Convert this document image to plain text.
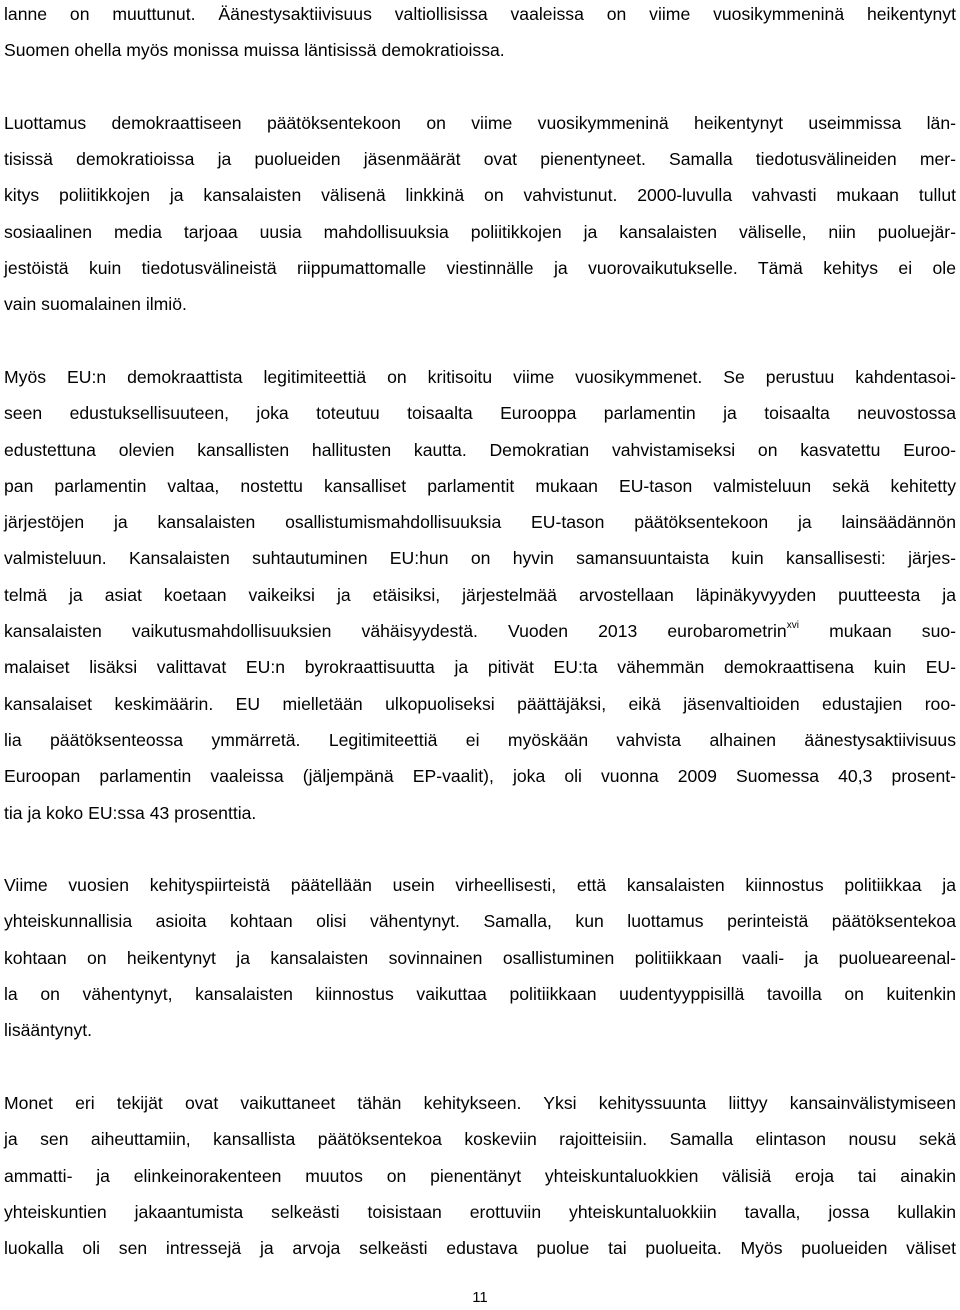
lanne on muuttunut. Äänestysaktiivisuus valtiollisissa vaaleissa on viime vuosikymmeninä heikentynyt
Suomen ohella myös monissa muissa läntisissä demokratioissa.
Luottamus demokraattiseen päätöksentekoon on viime vuosikymmeninä heikentynyt useimmissa län-
tisissä demokratioissa ja puolueiden jäsenmäärät ovat pienentyneet. Samalla tiedotusvälineiden mer-
kitys poliitikkojen ja kansalaisten välisenä linkkinä on vahvistunut. 2000-luvulla vahvasti mukaan tullut
sosiaalinen media tarjoaa uusia mahdollisuuksia poliitikkojen ja kansalaisten väliselle, niin puoluejär-
jestöistä kuin tiedotusvälineistä riippumattomalle viestinnälle ja vuorovaikutukselle. Tämä kehitys ei ole
vain suomalainen ilmiö.
Myös EU:n demokraattista legitimiteettiä on kritisoitu viime vuosikymmenet. Se perustuu kahdentasoi-
seen edustuksellisuuteen, joka toteutuu toisaalta Eurooppa parlamentin ja toisaalta neuvostossa
edustettuna olevien kansallisten hallitusten kautta. Demokratian vahvistamiseksi on kasvatettu Euroo-
pan parlamentin valtaa, nostettu kansalliset parlamentit mukaan EU-tason valmisteluun sekä kehitetty
järjestöjen ja kansalaisten osallistumismahdollisuuksia EU-tason päätöksentekoon ja lainsäädännön
valmisteluun. Kansalaisten suhtautuminen EU:hun on hyvin samansuuntaista kuin kansallisesti: järjes-
telmä ja asiat koetaan vaikeiksi ja etäisiksi, järjestelmää arvostellaan läpinäkyvyyden puutteesta ja
kansalaisten vaikutusmahdollisuuksien vähäisyydestä. Vuoden 2013 eurobarometrin$^{xvi}$ mukaan suo-
malaiset lisäksi valittavat EU:n byrokraattisuutta ja pitivät EU:ta vähemmän demokraattisena kuin EU-
kansalaiset keskimäärin. EU mielletään ulkopuoliseksi päättäjäksi, eikä jäsenvaltioiden edustajien roo-
lia päätöksenteossa ymmärretä. Legitimiteettiä ei myöskään vahvista alhainen äänestysaktiivisuus
Euroopan parlamentin vaaleissa (jäljempänä EP-vaalit), joka oli vuonna 2009 Suomessa 40,3 prosent-
tia ja koko EU:ssa 43 prosenttia.
Viime vuosien kehityspiirteistä päätellään usein virheellisesti, että kansalaisten kiinnostus politiikkaa ja
yhteiskunnallisia asioita kohtaan olisi vähentynyt. Samalla, kun luottamus perinteistä päätöksentekoa
kohtaan on heikentynyt ja kansalaisten sovinnainen osallistuminen politiikkaan vaali- ja puolueareenal-
la on vähentynyt, kansalaisten kiinnostus vaikuttaa politiikkaan uudentyyppisillä tavoilla on kuitenkin
lisääntynyt.
Monet eri tekijät ovat vaikuttaneet tähän kehitykseen. Yksi kehityssuunta liittyy kansainvälistymiseen
ja sen aiheuttamiin, kansallista päätöksentekoa koskeviin rajoitteisiin. Samalla elintason nousu sekä
ammatti- ja elinkeinorakenteen muutos on pienentänyt yhteiskuntaluokkien välisiä eroja tai ainakin
yhteiskuntien jakaantumista selkeästi toisistaan erottuviin yhteiskuntaluokkiin tavalla, jossa kullakin
luokalla oli sen intressejä ja arvoja selkeästi edustava puolue tai puolueita. Myös puolueiden väliset
11
